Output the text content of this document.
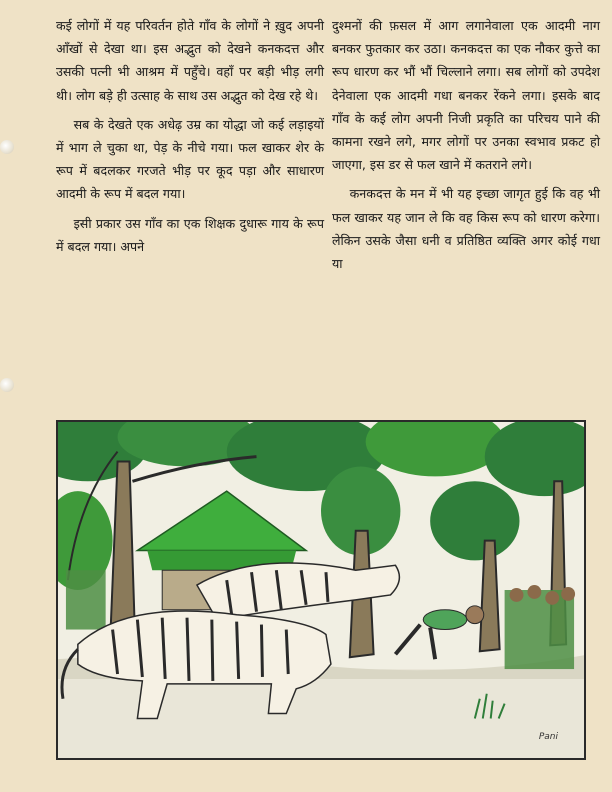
कई लोगों में यह परिवर्तन होते गाँव के लोगों ने ख़ुद अपनी आँखों से देखा था। इस अद्भुत को देखने कनकदत्त और उसकी पत्नी भी आश्रम में पहुँचे। वहाँ पर बड़ी भीड़ लगी थी। लोग बड़े ही उत्साह के साथ उस अद्भुत को देख रहे थे।

सब के देखते एक अधेढ़ उम्र का योद्धा जो कई लड़ाइयों में भाग ले चुका था, पेड़ के नीचे गया। फल खाकर शेर के रूप में बदलकर गरजते भीड़ पर कूद पड़ा और साधारण आदमी के रूप में बदल गया।

इसी प्रकार उस गाँव का एक शिक्षक दुधारू गाय के रूप में बदल गया। अपने

दुश्मनों की फ़सल में आग लगानेवाला एक आदमी नाग बनकर फुतकार कर उठा। कनकदत्त का एक नौकर कुत्ते का रूप धारण कर भौं भौं चिल्लाने लगा। सब लोगों को उपदेश देनेवाला एक आदमी गधा बनकर रेंकने लगा। इसके बाद गाँव के कई लोग अपनी निजी प्रकृति का परिचय पाने की कामना रखने लगे, मगर लोगों पर उनका स्वभाव प्रकट हो जाएगा, इस डर से फल खाने में कतराने लगे।

कनकदत्त के मन में भी यह इच्छा जागृत हुई कि वह भी फल खाकर यह जान ले कि वह किस रूप को धारण करेगा। लेकिन उसके जैसा धनी व प्रतिष्ठित व्यक्ति अगर कोई गधा या

Pani
